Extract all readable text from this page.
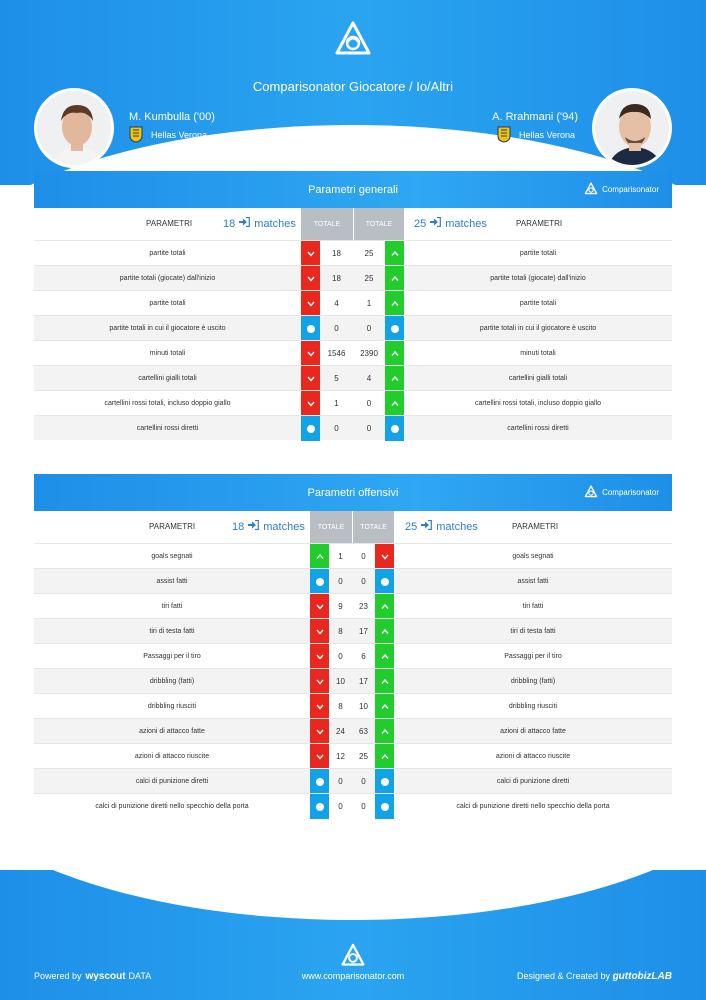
Comparisonator Giocatore / Io/Altri
M. Kumbulla ('00)
Hellas Verona
A. Rrahmani ('94)
Hellas Verona
Parametri generali	Comparisonator
PARAMETRI	PARAMETRI
18 matches	25 matches
TOTALE	TOTALE
partite totali	partite totali
18	25
partite totali (giocate) dall'inizio	partite totali (giocate) dall'inizio
18	25
partite totali	partite totali
4	1
partite totali in cui il giocatore è uscito	partite totali in cui il giocatore è uscito
0	0
minuti totali	minuti totali
1546	2390
cartellini gialli totali	cartellini gialli totali
5	4
cartellini rossi totali, incluso doppio giallo	cartellini rossi totali, incluso doppio giallo
1	0
cartellini rossi diretti	cartellini rossi diretti
0	0
Parametri offensivi	Comparisonator
PARAMETRI	PARAMETRI
18 matches	25 matches
TOTALE	TOTALE
goals segnati	goals segnati
1	0
assist fatti	assist fatti
0	0
tiri fatti	tiri fatti
9	23
tiri di testa fatti	tiri di testa fatti
8	17
Passaggi per il tiro	Passaggi per il tiro
0	6
dribbling (fatti)	dribbling (fatti)
10	17
dribbling riusciti	dribbling riusciti
8	10
azioni di attacco fatte	azioni di attacco fatte
24	63
azioni di attacco riuscite	azioni di attacco riuscite
12	25
calci di punizione diretti	calci di punizione diretti
0	0
calci di punizione diretti nello specchio della porta	calci di punizione diretti nello specchio della porta
0	0
Powered by wyscout DATA	www.comparisonator.com	Designed & Created by guttobizLAB
